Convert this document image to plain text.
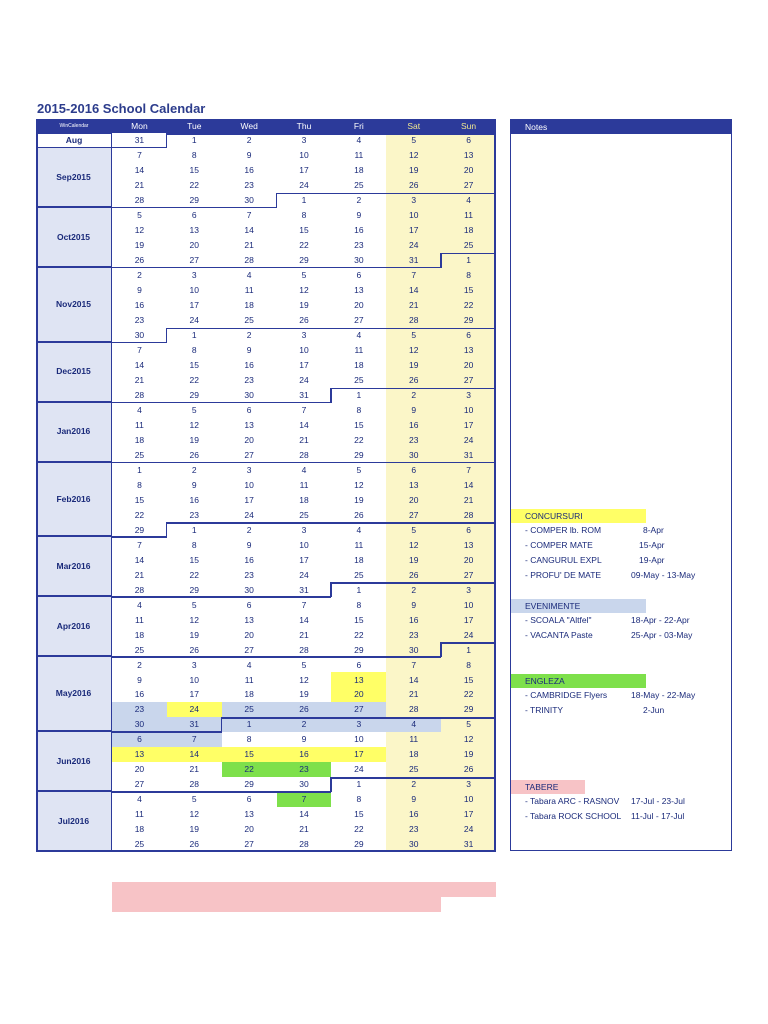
2015-2016 School Calendar
WinCalendar	Mon	Tue	Wed	Thu	Fri	Sat	Sun
Aug	31	1	2	3	4	5	6
Sep2015
7	8	9	10	11	12	13
14	15	16	17	18	19	20
21	22	23	24	25	26	27
28	29	30	1	2	3	4
Oct2015
5	6	7	8	9	10	11
12	13	14	15	16	17	18
19	20	21	22	23	24	25
26	27	28	29	30	31	1
Nov2015
2	3	4	5	6	7	8
9	10	11	12	13	14	15
16	17	18	19	20	21	22
23	24	25	26	27	28	29
30	1	2	3	4	5	6
Dec2015
7	8	9	10	11	12	13
14	15	16	17	18	19	20
21	22	23	24	25	26	27
28	29	30	31	1	2	3
Jan2016
4	5	6	7	8	9	10
11	12	13	14	15	16	17
18	19	20	21	22	23	24
25	26	27	28	29	30	31
Feb2016
1	2	3	4	5	6	7
8	9	10	11	12	13	14
15	16	17	18	19	20	21
22	23	24	25	26	27	28
29	1	2	3	4	5	6
Mar2016
7	8	9	10	11	12	13
14	15	16	17	18	19	20
21	22	23	24	25	26	27
28	29	30	31	1	2	3
Apr2016
4	5	6	7	8	9	10
11	12	13	14	15	16	17
18	19	20	21	22	23	24
25	26	27	28	29	30	1
May2016
2	3	4	5	6	7	8
9	10	11	12	13	14	15
16	17	18	19	20	21	22
23	24	25	26	27	28	29
30	31	1	2	3	4	5
Jun2016
6	7	8	9	10	11	12
13	14	15	16	17	18	19
20	21	22	23	24	25	26
27	28	29	30	1	2	3
Jul2016
4	5	6	7	8	9	10
11	12	13	14	15	16	17
18	19	20	21	22	23	24
25	26	27	28	29	30	31
Notes
CONCURSURI
- COMPER lb. ROM	8-Apr
- COMPER MATE	15-Apr
- CANGURUL EXPL	19-Apr
- PROFU' DE MATE	09-May - 13-May
EVENIMENTE
- SCOALA "Altfel"	18-Apr - 22-Apr
- VACANTA Paste	25-Apr - 03-May
ENGLEZA
- CAMBRIDGE Flyers	18-May - 22-May
- TRINITY	2-Jun
TABERE
- Tabara ARC - RASNOV 17-Jul - 23-Jul
- Tabara ROCK SCHOOL 11-Jul - 17-Jul
